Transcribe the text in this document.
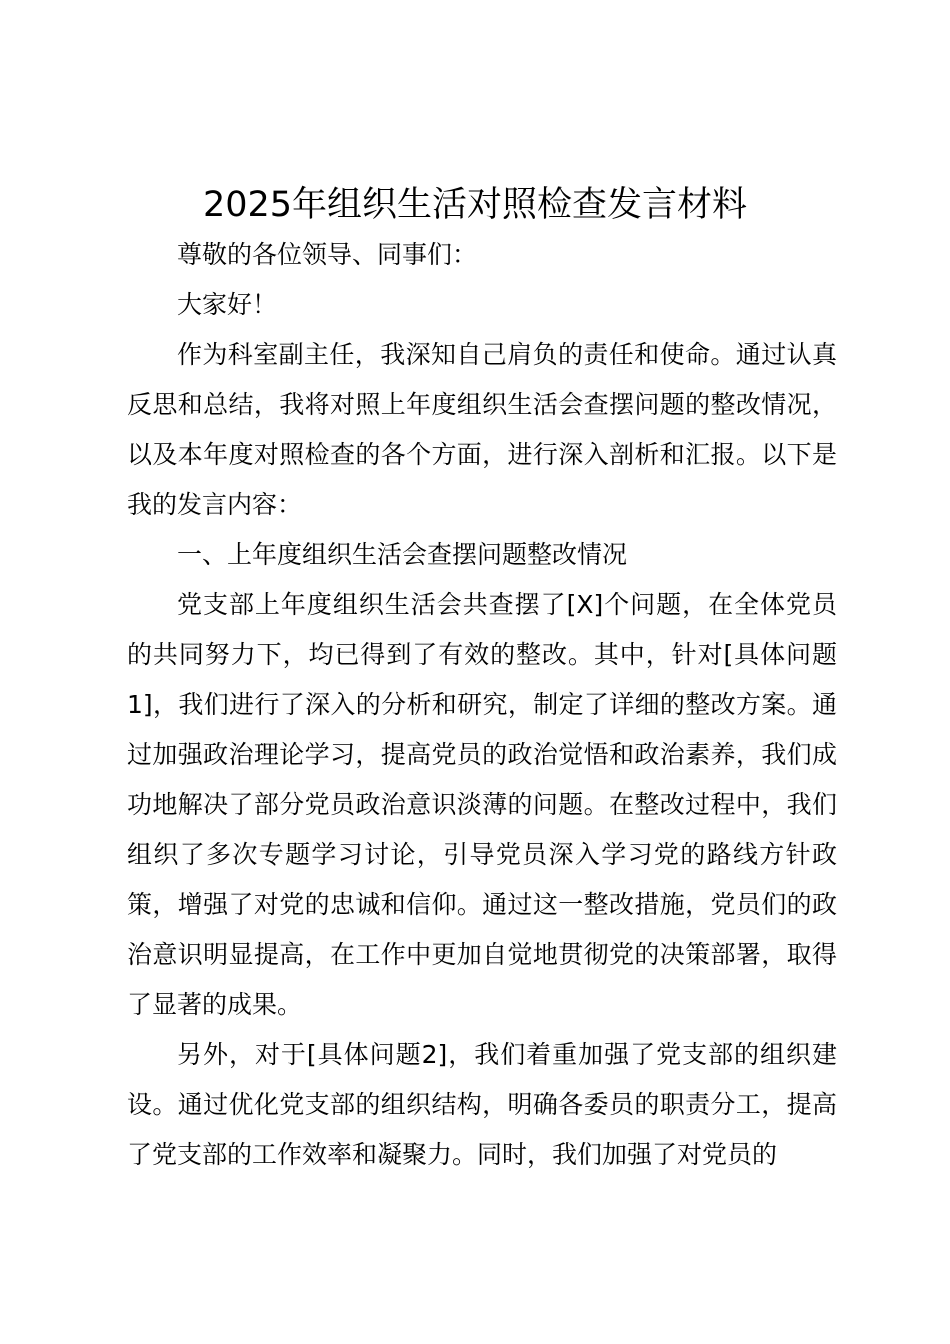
2025年组织生活对照检查发言材料

尊敬的各位领导、同事们：

大家好！

作为科室副主任，我深知自己肩负的责任和使命。通过认真反思和总结，我将对照上年度组织生活会查摆问题的整改情况，以及本年度对照检查的各个方面，进行深入剖析和汇报。以下是我的发言内容：

一、上年度组织生活会查摆问题整改情况

党支部上年度组织生活会共查摆了[X]个问题，在全体党员的共同努力下，均已得到了有效的整改。其中，针对[具体问题1]，我们进行了深入的分析和研究，制定了详细的整改方案。通过加强政治理论学习，提高党员的政治觉悟和政治素养，我们成功地解决了部分党员政治意识淡薄的问题。在整改过程中，我们组织了多次专题学习讨论，引导党员深入学习党的路线方针政策，增强了对党的忠诚和信仰。通过这一整改措施，党员们的政治意识明显提高，在工作中更加自觉地贯彻党的决策部署，取得了显著的成果。

另外，对于[具体问题2]，我们着重加强了党支部的组织建设。通过优化党支部的组织结构，明确各委员的职责分工，提高了党支部的工作效率和凝聚力。同时，我们加强了对党员的
